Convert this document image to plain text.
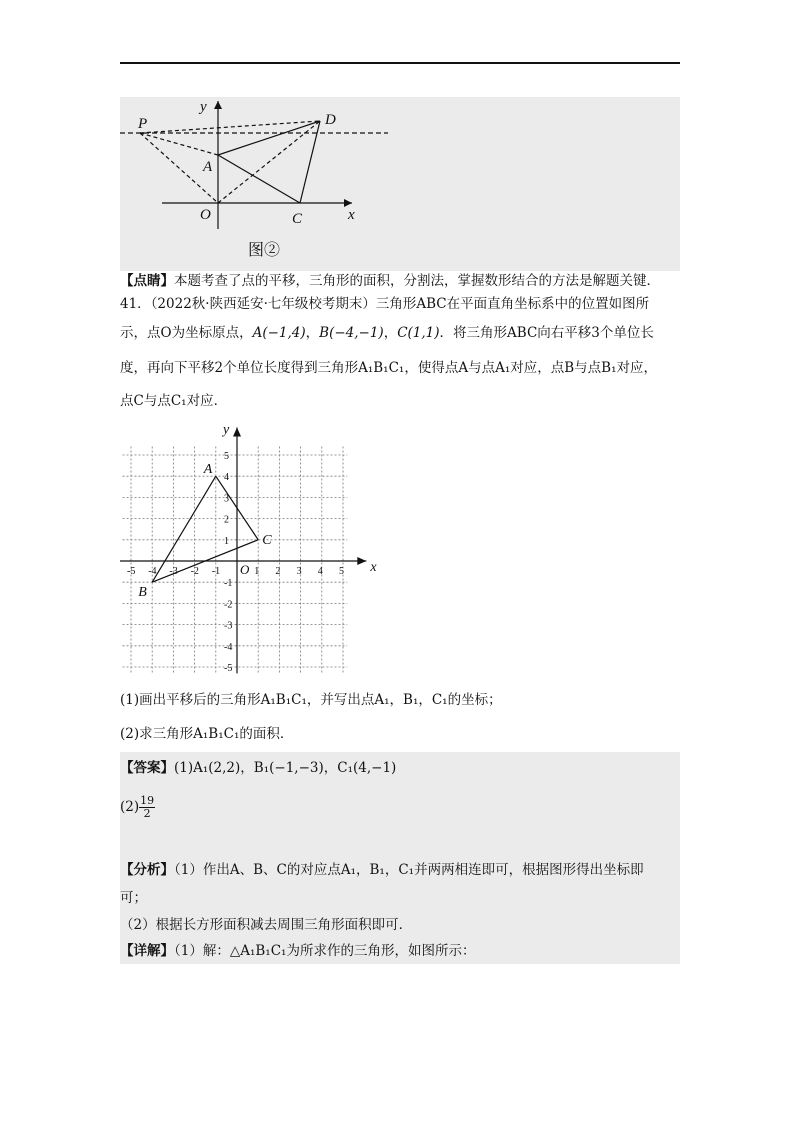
y
P	D
A
O	C	x
图②
【点睛】本题考查了点的平移，三角形的面积，分割法，掌握数形结合的方法是解题关键．
41．（2022秋·陕西延安·七年级校考期末）三角形ABC在平面直角坐标系中的位置如图所
示，点O为坐标原点，A(−1,4)，B(−4,−1)，C(1,1)．将三角形ABC向右平移3个单位长
度，再向下平移2个单位长度得到三角形A₁B₁C₁，使得点A与点A₁对应，点B与点B₁对应，
点C与点C₁对应．
x
y
-5 -4 -3 -2 -1 O 1 2 3 4 5
5
4
3
2
1
-1
-2
-3
-4
-5
A
B
C
(1)画出平移后的三角形A₁B₁C₁，并写出点A₁，B₁，C₁的坐标；
(2)求三角形A₁B₁C₁的面积．
【答案】(1)A₁(2,2)，B₁(−1,−3)，C₁(4,−1)
$(2) \frac{19}{2}$
【分析】（1）作出A、B、C的对应点A₁，B₁，C₁并两两相连即可，根据图形得出坐标即
可；
（2）根据长方形面积减去周围三角形面积即可．
【详解】（1）解：△A₁B₁C₁为所求作的三角形，如图所示：
